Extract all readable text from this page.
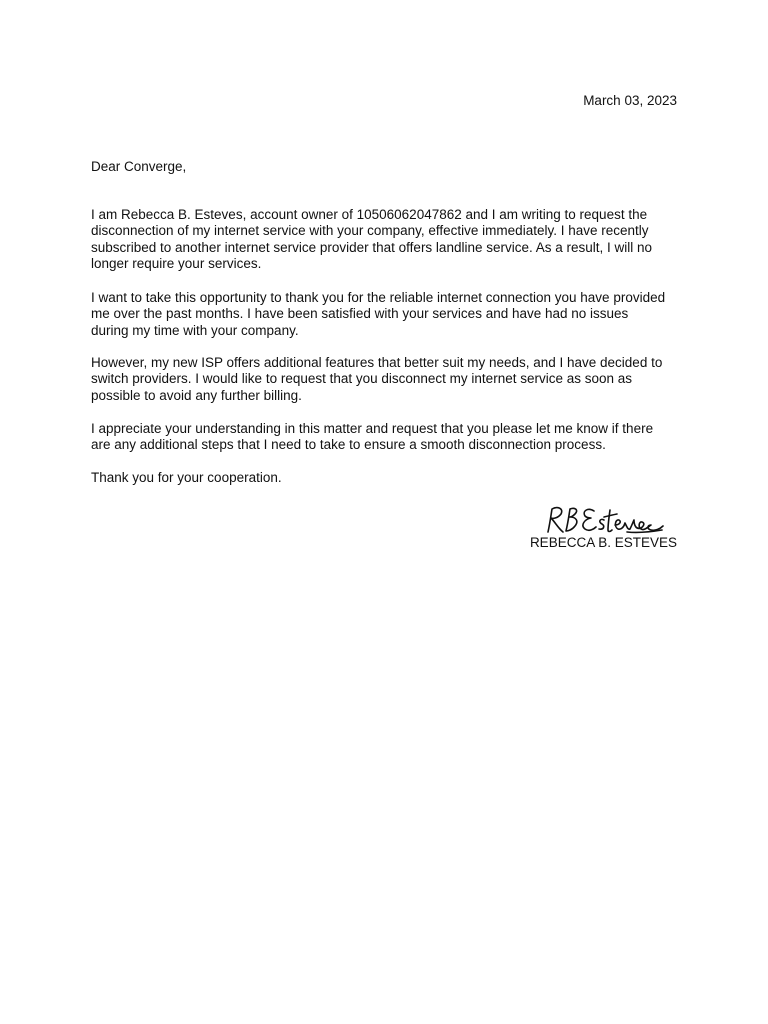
March 03, 2023
Dear Converge,

I am Rebecca B. Esteves, account owner of 10506062047862 and I am writing to request the
disconnection of my internet service with your company, effective immediately. I have recently
subscribed to another internet service provider that offers landline service. As a result, I will no
longer require your services.

I want to take this opportunity to thank you for the reliable internet connection you have provided
me over the past months. I have been satisfied with your services and have had no issues
during my time with your company.

However, my new ISP offers additional features that better suit my needs, and I have decided to
switch providers. I would like to request that you disconnect my internet service as soon as
possible to avoid any further billing.

I appreciate your understanding in this matter and request that you please let me know if there
are any additional steps that I need to take to ensure a smooth disconnection process.

Thank you for your cooperation.

REBECCA B. ESTEVES
